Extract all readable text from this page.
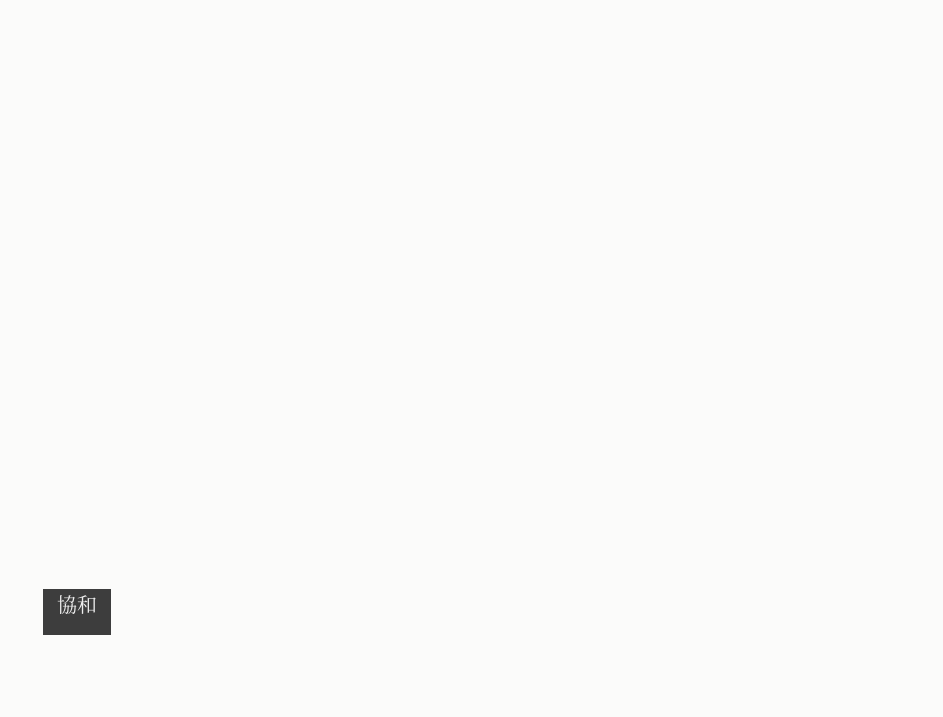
協和
